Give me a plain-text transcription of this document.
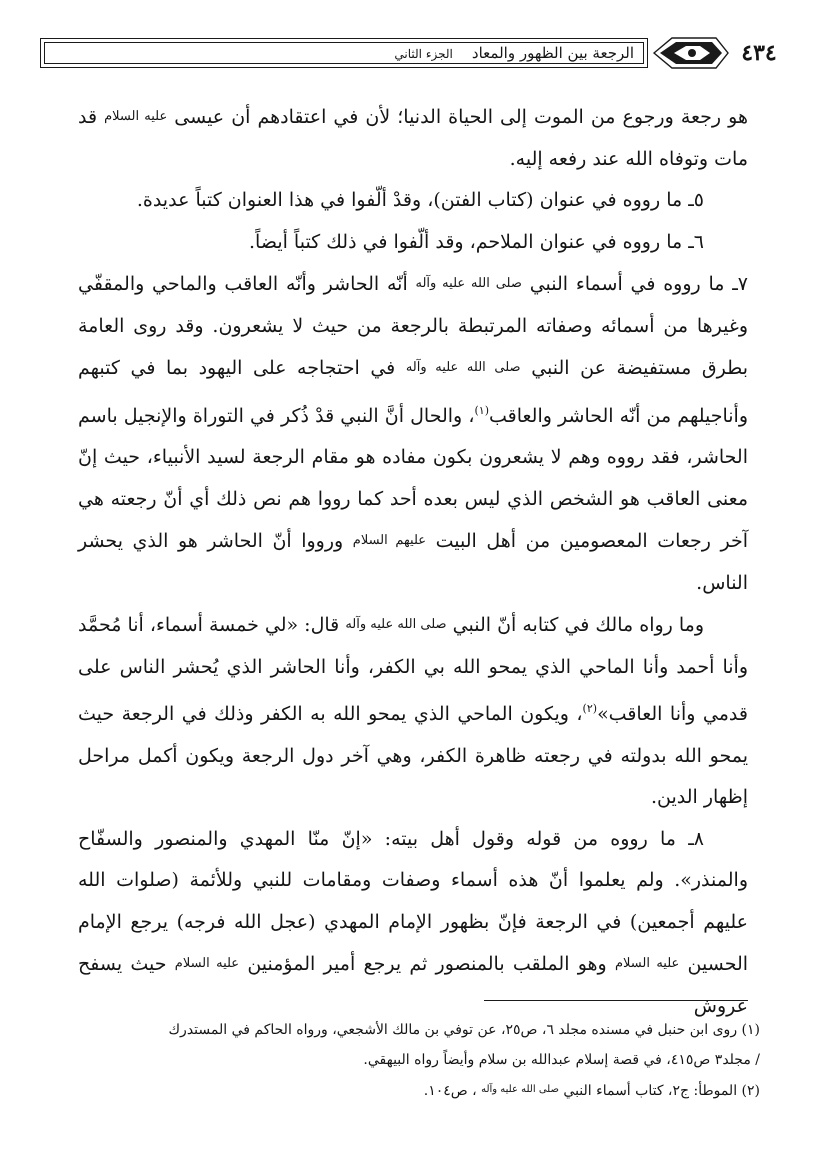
الرجعة بين الظهور والمعاد    الجزء الثاني	٤٣٤

هو رجعة ورجوع من الموت إلى الحياة الدنيا؛ لأن في اعتقادهم أن عيسى عليه السلام قد مات وتوفاه الله عند رفعه إليه.

٥ـ ما رووه في عنوان (كتاب الفتن)، وقدْ ألّفوا في هذا العنوان كتباً عديدة.

٦ـ ما رووه في عنوان الملاحم، وقد ألّفوا في ذلك كتباً أيضاً.

٧ـ ما رووه في أسماء النبي صلى الله عليه وآله أنّه الحاشر وأنّه العاقب والماحي والمقفّي وغيرها من أسمائه وصفاته المرتبطة بالرجعة من حيث لا يشعرون. وقد روى العامة بطرق مستفيضة عن النبي صلى الله عليه وآله في احتجاجه على اليهود بما في كتبهم وأناجيلهم من أنّه الحاشر والعاقب$^{(١)}$، والحال أنَّ النبي قدْ ذُكر في التوراة والإنجيل باسم الحاشر، فقد رووه وهم لا يشعرون بكون مفاده هو مقام الرجعة لسيد الأنبياء، حيث إنّ معنى العاقب هو الشخص الذي ليس بعده أحد كما رووا هم نص ذلك أي أنّ رجعته هي آخر رجعات المعصومين من أهل البيت عليهم السلام ورووا أنّ الحاشر هو الذي يحشر الناس.

وما رواه مالك في كتابه أنّ النبي صلى الله عليه وآله قال: «لي خمسة أسماء، أنا مُحمَّد وأنا أحمد وأنا الماحي الذي يمحو الله بي الكفر، وأنا الحاشر الذي يُحشر الناس على قدمي وأنا العاقب»$^{(٢)}$، ويكون الماحي الذي يمحو الله به الكفر وذلك في الرجعة حيث يمحو الله بدولته في رجعته ظاهرة الكفر، وهي آخر دول الرجعة ويكون أكمل مراحل إظهار الدين.

٨ـ ما رووه من قوله وقول أهل بيته: «إنّ منّا المهدي والمنصور والسفّاح والمنذر». ولم يعلموا أنّ هذه أسماء وصفات ومقامات للنبي وللأئمة (صلوات الله عليهم أجمعين) في الرجعة فإنّ بظهور الإمام المهدي (عجل الله فرجه) يرجع الإمام الحسين عليه السلام وهو الملقب بالمنصور ثم يرجع أمير المؤمنين عليه السلام حيث يسفح عروش

(١) روى ابن حنبل في مسنده مجلد ٦، ص٢٥، عن توفي بن مالك الأشجعي، ورواه الحاكم في المستدرك

/ مجلد٣ ص٤١٥، في قصة إسلام عبدالله بن سلام وأيضاً رواه البيهقي.

(٢) الموطأ: ج٢، كتاب أسماء النبي $^{صلى الله عليه وآله}$ ، ص١٠٤.
